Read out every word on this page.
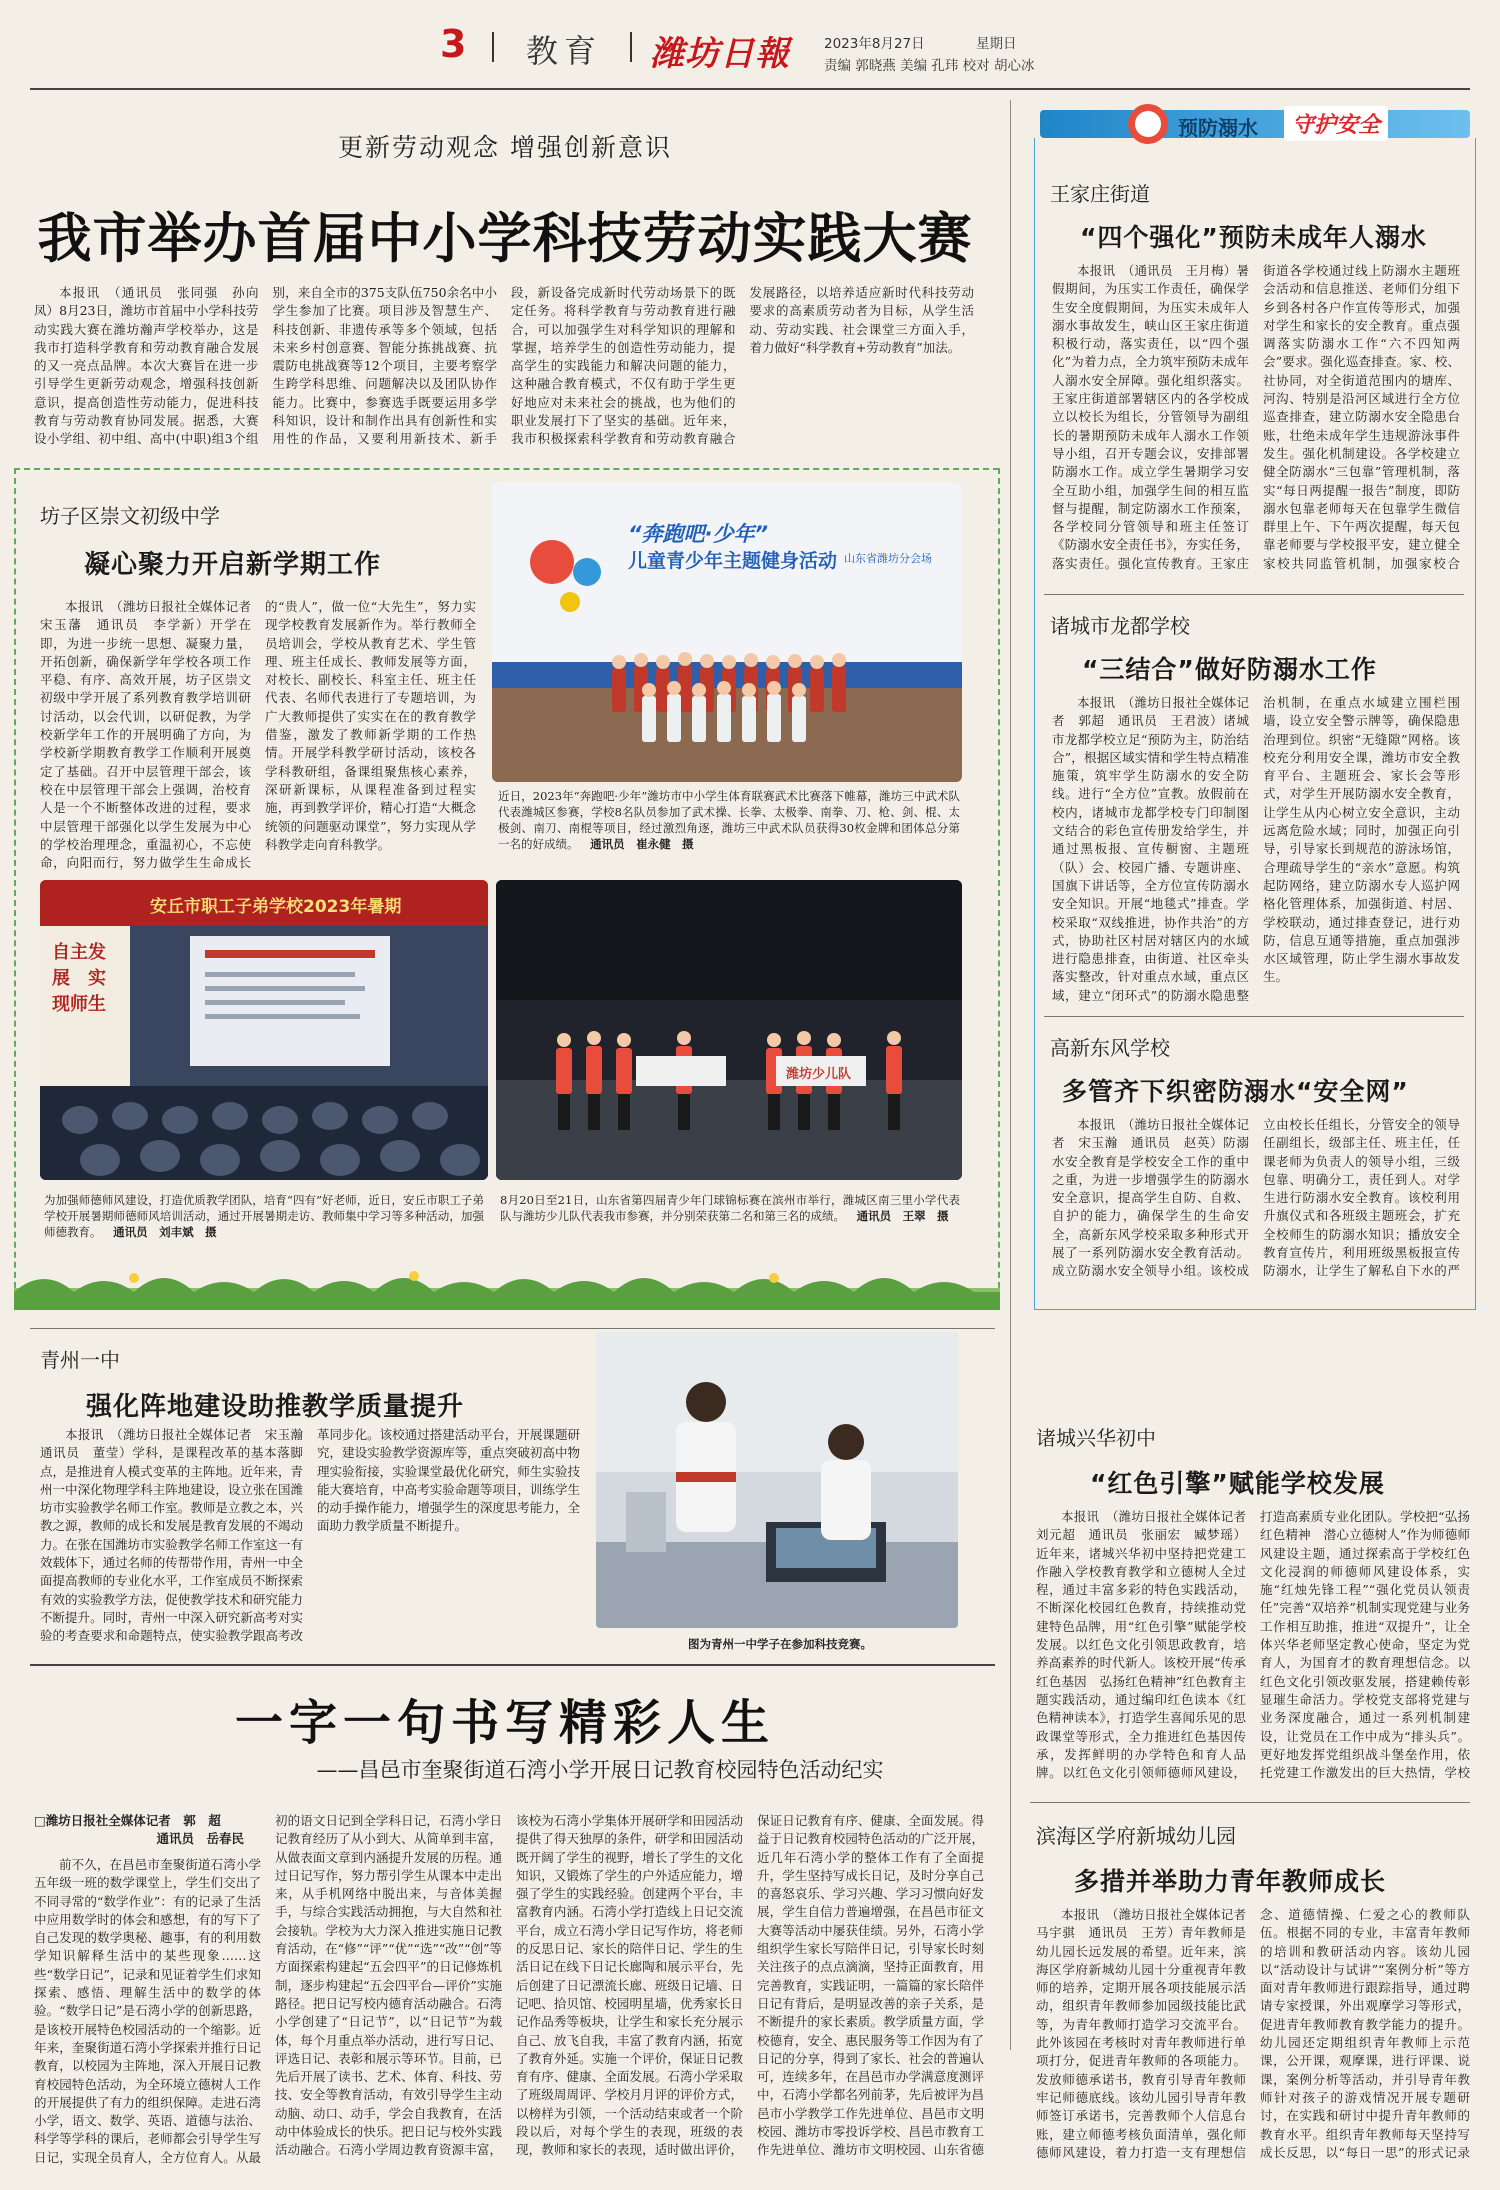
3 教育 潍坊日報	2023年8月27日	星期日
责编 郭晓燕 美编 孔玮 校对 胡心冰
更新劳动观念 增强创新意识
我市举办首届中小学科技劳动实践大赛

本报讯　（通讯员　张同强　孙向凤）8月23日，潍坊市首届中小学科技劳动实践大赛在潍坊瀚声学校举办，这是我市打造科学教育和劳动教育融合发展的又一亮点品牌。本次大赛旨在进一步引导学生更新劳动观念，增强科技创新意识，提高创造性劳动能力，促进科技教育与劳动教育协同发展。据悉，大赛设小学组、初中组、高中(中职)组3个组别，来自全市的375支队伍750余名中小学生参加了比赛。项目涉及智慧生产、科技创新、非遗传承等多个领域，包括未来乡村创意赛、智能分拣挑战赛、抗震防电挑战赛等12个项目，主要考察学生跨学科思维、问题解决以及团队协作能力。比赛中，参赛选手既要运用多学科知识，设计和制作出具有创新性和实用性的作品，又要利用新技术、新手段，新设备完成新时代劳动场景下的既定任务。将科学教育与劳动教育进行融合，可以加强学生对科学知识的理解和掌握，培养学生的创造性劳动能力，提高学生的实践能力和解决问题的能力，这种融合教育模式，不仅有助于学生更好地应对未来社会的挑战，也为他们的职业发展打下了坚实的基础。近年来，我市积极探索科学教育和劳动教育融合发展路径，以培养适应新时代科技劳动要求的高素质劳动者为目标，从学生活动、劳动实践、社会课堂三方面入手，着力做好“科学教育+劳动教育”加法。

坊子区崇文初级中学
凝心聚力开启新学期工作

本报讯　（潍坊日报社全媒体记者　宋玉藩　通讯员　李学新）开学在即，为进一步统一思想、凝聚力量，开拓创新，确保新学年学校各项工作平稳、有序、高效开展，坊子区崇文初级中学开展了系列教育教学培训研讨活动，以会代训，以研促教，为学校新学年工作的开展明确了方向，为学校新学期教育教学工作顺利开展奠定了基础。召开中层管理干部会，该校在中层管理干部会上强调，治校育人是一个不断整体改进的过程，要求中层管理干部强化以学生发展为中心的学校治理理念，重温初心，不忘使命，向阳而行，努力做学生生命成长的“贵人”，做一位“大先生”，努力实现学校教育发展新作为。举行教师全员培训会，学校从教育艺术、学生管理、班主任成长、教师发展等方面，对校长、副校长、科室主任、班主任代表、名师代表进行了专题培训，为广大教师提供了实实在在的教育教学借鉴，激发了教师新学期的工作热情。开展学科教学研讨活动，该校各学科教研组，备课组聚焦核心素养，深研新课标，从课程准备到过程实施，再到教学评价，精心打造“大概念统领的问题驱动课堂”，努力实现从学科教学走向育科教学。

“奔跑吧·少年”
儿童青少年主题健身活动 山东省潍坊分会场
近日，2023年“奔跑吧·少年”潍坊市中小学生体育联赛武术比赛落下帷幕，潍坊三中武术队代表潍城区参赛，学校8名队员参加了武术操、长拳、太极拳、南拳、刀、枪、剑、棍、太极剑、南刀、南棍等项目，经过激烈角逐，潍坊三中武术队员获得30枚金牌和团体总分第一名的好成绩。 通讯员　崔永健　摄
安丘市职工子弟学校2023年暑期
自主发展　实现师生
为加强师德师风建设，打造优质教学团队，培育“四有”好老师，近日，安丘市职工子弟学校开展暑期师德师风培训活动，通过开展暑期走访、教师集中学习等多种活动，加强师德教育。 通讯员　刘丰斌　摄
潍坊少儿队
8月20日至21日，山东省第四届青少年门球锦标赛在滨州市举行，潍城区南三里小学代表队与潍坊少儿队代表我市参赛，并分别荣获第二名和第三名的成绩。 通讯员　王翠　摄
青州一中
强化阵地建设助推教学质量提升

本报讯　（潍坊日报社全媒体记者　宋玉瀚　通讯员　董莹）学科，是课程改革的基本落脚点，是推进育人模式变革的主阵地。近年来，青州一中深化物理学科主阵地建设，设立张在国潍坊市实验教学名师工作室。教师是立教之本，兴教之源，教师的成长和发展是教育发展的不竭动力。在张在国潍坊市实验教学名师工作室这一有效载体下，通过名师的传帮带作用，青州一中全面提高教师的专业化水平，工作室成员不断探索有效的实验教学方法，促使教学技术和研究能力不断提升。同时，青州一中深入研究新高考对实验的考查要求和命题特点，使实验教学跟高考改革同步化。该校通过搭建活动平台，开展课题研究，建设实验教学资源库等，重点突破初高中物理实验衔接，实验课堂最优化研究，师生实验技能大赛培育，中高考实验命题等项目，训练学生的动手操作能力，增强学生的深度思考能力，全面助力教学质量不断提升。

图为青州一中学子在参加科技竞赛。
一字一句书写精彩人生
——昌邑市奎聚街道石湾小学开展日记教育校园特色活动纪实
□潍坊日报社全媒体记者　郭　超
通讯员　岳春民

前不久，在昌邑市奎聚街道石湾小学五年级一班的数学课堂上，学生们交出了不同寻常的“数学作业”：有的记录了生活中应用数学时的体会和感想，有的写下了自己发现的数学奥秘、趣事，有的利用数学知识解释生活中的某些现象……这些“数学日记”，记录和见证着学生们求知探索、感悟、理解生活中的数学的体验。“数学日记”是石湾小学的创新思路，是该校开展特色校园活动的一个缩影。近年来，奎聚街道石湾小学探索并推行日记教育，以校园为主阵地，深入开展日记教育校园特色活动，为全环境立德树人工作的开展提供了有力的组织保障。走进石湾小学，语文、数学、英语、道德与法治、科学等学科的课后，老师都会引导学生写日记，实现全员育人，全方位育人。从最初的语文日记到全学科日记，石湾小学日记教育经历了从小到大、从简单到丰富，从做表面文章到内涵提升发展的历程。通过日记写作，努力帮引学生从课本中走出来，从手机网络中脱出来，与音体美握手，与综合实践活动拥抱，与大自然和社会接轨。学校为大力深入推进实施日记教育活动，在“修”“评”“优”“选”“改”“创”等方面探索构建起“五会四平”的日记修炼机制，逐步构建起“五会四平台—评价”实施路径。把日记写校内德育活动融合。石湾小学创建了“日记节”，以“日记节”为载体，每个月重点举办活动，进行写日记、评选日记、表彰和展示等环节。目前，已先后开展了读书、艺术、体育、科技、劳技、安全等教育活动，有效引导学生主动动脑、动口、动手，学会自我教育，在活动中体验成长的快乐。把日记与校外实践活动融合。石湾小学周边教育资源丰富，该校为石湾小学集体开展研学和田园活动提供了得天独厚的条件，研学和田园活动既开阔了学生的视野，增长了学生的文化知识，又锻炼了学生的户外适应能力，增强了学生的实践经验。创建两个平台，丰富教育内涵。石湾小学打造线上日记交流平台，成立石湾小学日记写作坊，将老师的反思日记、家长的陪伴日记、学生的生活日记在线下日记长廊陶和展示平台，先后创建了日记漂流长廊、班级日记墙、日记吧、拾贝馆、校园明星墙，优秀家长日记作品秀等板块，让学生和家长充分展示自己、放飞自我，丰富了教育内涵，拓宽了教育外延。实施一个评价，保证日记教育有序、健康、全面发展。石湾小学采取了班级周周评、学校月月评的评价方式，以榜样为引领，一个活动结束或者一个阶段以后，对每个学生的表现，班级的表现，教师和家长的表现，适时做出评价，保证日记教育有序、健康、全面发展。得益于日记教育校园特色活动的广泛开展，近几年石湾小学的整体工作有了全面提升，学生坚持写成长日记，及时分享自己的喜怒哀乐、学习兴趣、学习习惯向好发展，学生自信力普遍增强，在昌邑市征文大赛等活动中屡获佳绩。另外，石湾小学组织学生家长写陪伴日记，引导家长时刻关注孩子的点点滴滴，坚持正面教育，用完善教育，实践证明，一篇篇的家长陪伴日记有背后，是明显改善的亲子关系，是不断提升的家长素质。教学质量方面，学校德育，安全、惠民服务等工作因为有了日记的分享，得到了家长、社会的普遍认可，连续多年，在昌邑市办学满意度测评中，石湾小学都名列前茅，先后被评为昌邑市小学教学工作先进单位、昌邑市文明校园、潍坊市零投诉学校、昌邑市教育工作先进单位、潍坊市文明校园、山东省德

预防溺水	守护安全
王家庄街道
“四个强化”预防未成年人溺水

本报讯　（通讯员　王月梅）暑假期间，为压实工作责任，确保学生安全度假期间，为压实未成年人溺水事故发生，峡山区王家庄街道积极行动，落实责任，以“四个强化”为着力点，全力筑牢预防未成年人溺水安全屏障。强化组织落实。王家庄街道部署辖区内的各学校成立以校长为组长，分管领导为副组长的暑期预防未成年人溺水工作领导小组，召开专题会议，安排部署防溺水工作。成立学生暑期学习安全互助小组，加强学生间的相互监督与提醒，制定防溺水工作预案，各学校同分管领导和班主任签订《防溺水安全责任书》，夯实任务，落实责任。强化宣传教育。王家庄街道各学校通过线上防溺水主题班会活动和信息推送、老师们分组下乡到各村各户作宣传等形式，加强对学生和家长的安全教育。重点强调落实防溺水工作“六不四知两会”要求。强化巡查排查。家、校、社协同，对全街道范围内的塘库、河沟、特别是沿河区域进行全方位巡查排查，建立防溺水安全隐患台账，壮绝未成年学生违规游泳事件发生。强化机制建设。各学校建立健全防溺水“三包靠”管理机制，落实“每日两提醒一报告”制度，即防溺水包靠老师每天在包靠学生微信群里上午、下午两次提醒，每天包靠老师要与学校报平安，建立健全家校共同监管机制，加强家校合

诸城市龙都学校
“三结合”做好防溺水工作

本报讯　（潍坊日报社全媒体记者　郭超　通讯员　王君波）诸城市龙都学校立足“预防为主，防治结合”，根据区域实情和学生特点精准施策，筑牢学生防溺水的安全防线。进行“全方位”宣教。放假前在校内，诸城市龙都学校专门印制图文结合的彩色宣传册发给学生，并通过黑板报、宣传橱窗、主题班（队）会、校园广播、专题讲座、国旗下讲话等，全方位宣传防溺水安全知识。开展“地毯式”排查。学校采取“双线推进，协作共治”的方式，协助社区村居对辖区内的水域进行隐患排查，由街道、社区牵头落实整改，针对重点水域，重点区域，建立“闭环式”的防溺水隐患整治机制，在重点水域建立围栏围墙，设立安全警示牌等，确保隐患治理到位。织密“无缝隙”网格。该校充分利用安全课，潍坊市安全教育平台、主题班会、家长会等形式，对学生开展防溺水安全教育，让学生从内心树立安全意识，主动远离危险水域；同时，加强正向引导，引导家长到规范的游泳场馆，合理疏导学生的“亲水”意愿。构筑起防网络，建立防溺水专人巡护网格化管理体系，加强街道、村居、学校联动，通过排查登记，进行劝防，信息互通等措施，重点加强涉水区域管理，防止学生溺水事故发生。

高新东风学校
多管齐下织密防溺水“安全网”

本报讯　（潍坊日报社全媒体记者　宋玉瀚　通讯员　赵英）防溺水安全教育是学校安全工作的重中之重，为进一步增强学生的防溺水安全意识，提高学生自防、自救、自护的能力，确保学生的生命安全，高新东风学校采取多种形式开展了一系列防溺水安全教育活动。成立防溺水安全领导小组。该校成立由校长任组长，分管安全的领导任副组长，级部主任、班主任，任课老师为负责人的领导小组，三级包靠、明确分工，责任到人。对学生进行防溺水安全教育。该校利用升旗仪式和各班级主题班会，扩充全校师生的防溺水知识；播放安全教育宣传片，利用班级黑板报宣传防溺水，让学生了解私自下水的严

诸城兴华初中
“红色引擎”赋能学校发展

本报讯　（潍坊日报社全媒体记者　刘元超　通讯员　张丽宏　臧梦瑶）近年来，诸城兴华初中坚持把党建工作融入学校教育教学和立德树人全过程，通过丰富多彩的特色实践活动，不断深化校园红色教育，持续推动党建特色品牌，用“红色引擎”赋能学校发展。以红色文化引领思政教育，培养高素养的时代新人。该校开展“传承红色基因　弘扬红色精神”红色教育主题实践活动，通过编印红色读本《红色精神读本》，打造学生喜闻乐见的思政课堂等形式，全力推进红色基因传承，发挥鲜明的办学特色和育人品牌。以红色文化引领师德师风建设，打造高素质专业化团队。学校把“弘扬红色精神　潜心立德树人”作为师德师风建设主题，通过探索高于学校红色文化浸润的师德师风建设体系，实施“红烛先锋工程”“强化党员认领责任”完善“双培养”机制实现党建与业务工作相互助推，推进“双提升”，让全体兴华老师坚定教心使命，坚定为党育人，为国育才的教育理想信念。以红色文化引领改驱发展，搭建赖传彰显璀生命活力。学校党支部将党建与业务深度融合，通过一系列机制建设，让党员在工作中成为“排头兵”。更好地发挥党组织战斗堡垒作用，依托党建工作激发出的巨大热情，学校

滨海区学府新城幼儿园
多措并举助力青年教师成长

本报讯　（潍坊日报社全媒体记者　马宇骐　通讯员　王芳）青年教师是幼儿园长远发展的希望。近年来，滨海区学府新城幼儿园十分重视青年教师的培养，定期开展各项技能展示活动，组织青年教师参加园级技能比武等，为青年教师打造学习交流平台。此外该园在考核时对青年教师进行单项打分，促进青年教师的各项能力。发放师德承诺书，教育引导青年教师牢记师德底线。该幼儿园引导青年教师签订承诺书，完善教师个人信息台账，建立师德考核负面清单，强化师德师风建设，着力打造一支有理想信念、道德情操、仁爱之心的教师队伍。根据不同的专业，丰富青年教师的培训和教研活动内容。该幼儿园以“活动设计与试讲”“案例分析”等方面对青年教师进行跟踪指导，通过聘请专家授课，外出观摩学习等形式，促进青年教师教育教学能力的提升。幼儿园还定期组织青年教师上示范课，公开课，观摩课，进行评课、说课，案例分析等活动，并引导青年教师针对孩子的游戏情况开展专题研讨，在实践和研讨中提升青年教师的教育水平。组织青年教师每天坚持写成长反思，以“每日一思”的形式记录
